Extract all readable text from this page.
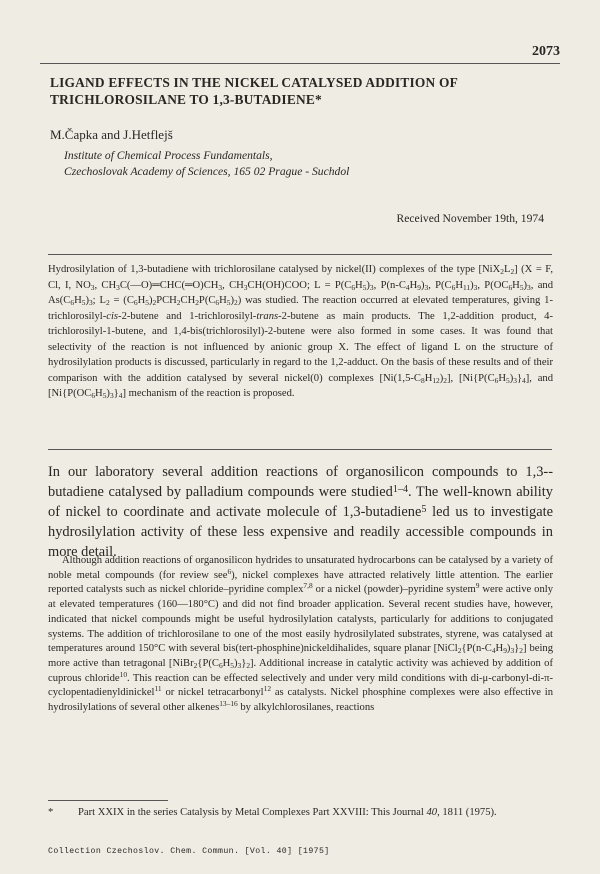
2073
LIGAND EFFECTS IN THE NICKEL CATALYSED ADDITION OF TRICHLOROSILANE TO 1,3-BUTADIENE*
M.Čapka and J.Hetflejš
Institute of Chemical Process Fundamentals,
Czechoslovak Academy of Sciences, 165 02 Prague - Suchdol
Received November 19th, 1974

Hydrosilylation of 1,3-butadiene with trichlorosilane catalysed by nickel(II) complexes of the type $[NiX_2L_2] (X = F$, Cl, I, $NO_3$, $CH_3C(—O)═CHC(═O)CH_3$, $CH_3CH(OH)COO$; $L = P(C_6H_5)_3$, $P(n-C_4H_9)_3$, $P(C_6H_{11})_3$, $P(OC_6H_5)_3$, and $As(C_6H_5)_3$; $L_2 = (C_6H_5)_2PCH_2CH_2P(C_6H_5)_2$) was studied. The reaction occurred at elevated temperatures, giving 1-trichlorosilyl-cis-2-butene and 1-trichlorosilyl-trans-2-butene as main products. The 1,2-addition product, 4-trichlorosilyl-1-butene, and 1,4-bis(trichlorosilyl)-2-butene were also formed in some cases. It was found that selectivity of the reaction is not influenced by anionic group X. The effect of ligand L on the structure of hydrosilylation products is discussed, particularly in regard to the 1,2-adduct. On the basis of these results and of their comparison with the addition catalysed by several nickel(0) complexes $[Ni(1,5-C_8H_{12})_2]$, $[Ni\{P(C_6H_5)_3\}_4]$, and $[Ni\{P(OC_6H_5)_3\}_4]$ mechanism of the reaction is proposed.

In our laboratory several addition reactions of organosilicon compounds to 1,3--butadiene catalysed by palladium compounds were studied$^{1-4}$. The well-known ability of nickel to coordinate and activate molecule of 1,3-butadiene$^5$ led us to investigate hydrosilylation activity of these less expensive and readily accessible compounds in more detail.

Although addition reactions of organosilicon hydrides to unsaturated hydrocarbons can be catalysed by a variety of noble metal compounds (for review see$^6$), nickel complexes have attracted relatively little attention. The earlier reported catalysts such as nickel chloride–pyridine complex$^{7,8}$ or a nickel (powder)–pyridine system$^9$ were active only at elevated temperatures (160—180°C) and did not find broader application. Several recent studies have, however, indicated that nickel compounds might be useful hydrosilylation catalysts, particularly for additions to conjugated systems. The addition of trichlorosilane to one of the most easily hydrosilylated substrates, styrene, was catalysed at temperatures around 150°C with several bis(tert-phosphine)nickeldihalides, square planar $[NiCl_2\{P(n-C_4H_9)_3\}_2]$ being more active than tetragonal $[NiBr_2\{P(C_6H_5)_3\}_2]$. Additional increase in catalytic activity was achieved by addition of cuprous chloride$^{10}$. This reaction can be effected selectively and under very mild conditions with di-μ-carbonyl-di-π-cyclopentadienyldinickel$^{11}$ or nickel tetracarbonyl$^{12}$ as catalysts. Nickel phosphine complexes were also effective in hydrosilylations of several other alkenes$^{13-16}$ by alkylchlorosilanes, reactions

* Part XXIX in the series Catalysis by Metal Complexes Part XXVIII: This Journal 40, 1811 (1975).
Collection Czechoslov. Chem. Commun. [Vol. 40] [1975]
